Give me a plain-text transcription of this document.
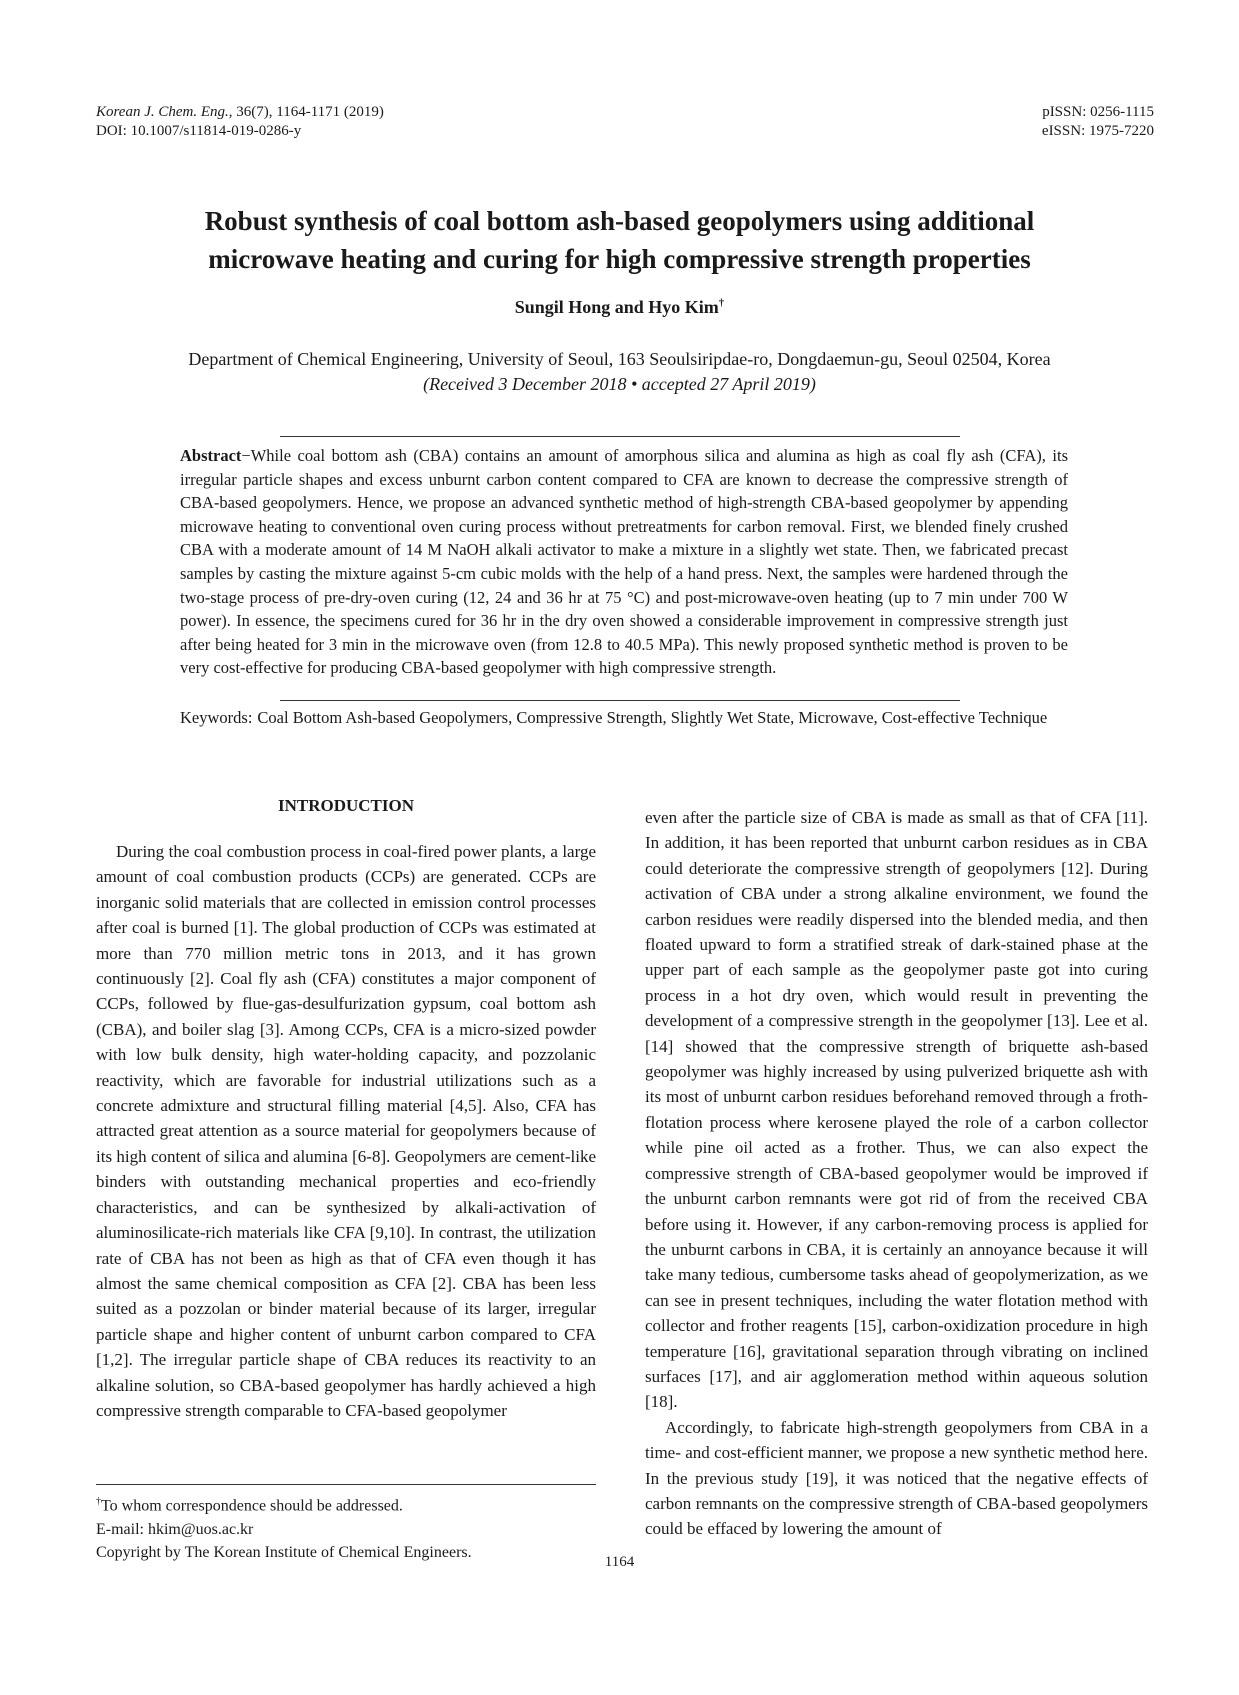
Korean J. Chem. Eng., 36(7), 1164-1171 (2019)
DOI: 10.1007/s11814-019-0286-y
pISSN: 0256-1115
eISSN: 1975-7220
Robust synthesis of coal bottom ash-based geopolymers using additional
microwave heating and curing for high compressive strength properties
Sungil Hong and Hyo Kim†
Department of Chemical Engineering, University of Seoul, 163 Seoulsiripdae-ro, Dongdaemun-gu, Seoul 02504, Korea
(Received 3 December 2018 • accepted 27 April 2019)
Abstract−While coal bottom ash (CBA) contains an amount of amorphous silica and alumina as high as coal fly ash (CFA), its irregular particle shapes and excess unburnt carbon content compared to CFA are known to decrease the compressive strength of CBA-based geopolymers. Hence, we propose an advanced synthetic method of high-strength CBA-based geopolymer by appending microwave heating to conventional oven curing process without pretreatments for carbon removal. First, we blended finely crushed CBA with a moderate amount of 14 M NaOH alkali activator to make a mixture in a slightly wet state. Then, we fabricated precast samples by casting the mixture against 5-cm cubic molds with the help of a hand press. Next, the samples were hardened through the two-stage process of pre-dry-oven curing (12, 24 and 36 hr at 75 °C) and post-microwave-oven heating (up to 7 min under 700 W power). In essence, the specimens cured for 36 hr in the dry oven showed a considerable improvement in compressive strength just after being heated for 3 min in the microwave oven (from 12.8 to 40.5 MPa). This newly proposed synthetic method is proven to be very cost-effective for producing CBA-based geopolymer with high compressive strength.
Keywords: Coal Bottom Ash-based Geopolymers, Compressive Strength, Slightly Wet State, Microwave, Cost-effective Technique
INTRODUCTION

During the coal combustion process in coal-fired power plants, a large amount of coal combustion products (CCPs) are generated. CCPs are inorganic solid materials that are collected in emission control processes after coal is burned [1]. The global production of CCPs was estimated at more than 770 million metric tons in 2013, and it has grown continuously [2]. Coal fly ash (CFA) constitutes a major component of CCPs, followed by flue-gas-desulfurization gypsum, coal bottom ash (CBA), and boiler slag [3]. Among CCPs, CFA is a micro-sized powder with low bulk density, high water-holding capacity, and pozzolanic reactivity, which are favorable for industrial utilizations such as a concrete admixture and structural filling material [4,5]. Also, CFA has attracted great attention as a source material for geopolymers because of its high content of silica and alumina [6-8]. Geopolymers are cement-like binders with outstanding mechanical properties and eco-friendly characteristics, and can be synthesized by alkali-activation of aluminosilicate-rich materials like CFA [9,10]. In contrast, the utilization rate of CBA has not been as high as that of CFA even though it has almost the same chemical composition as CFA [2]. CBA has been less suited as a pozzolan or binder material because of its larger, irregular particle shape and higher content of unburnt carbon compared to CFA [1,2]. The irregular particle shape of CBA reduces its reactivity to an alkaline solution, so CBA-based geopolymer has hardly achieved a high compressive strength comparable to CFA-based geopolymer

even after the particle size of CBA is made as small as that of CFA [11]. In addition, it has been reported that unburnt carbon residues as in CBA could deteriorate the compressive strength of geopolymers [12]. During activation of CBA under a strong alkaline environment, we found the carbon residues were readily dispersed into the blended media, and then floated upward to form a stratified streak of dark-stained phase at the upper part of each sample as the geopolymer paste got into curing process in a hot dry oven, which would result in preventing the development of a compressive strength in the geopolymer [13]. Lee et al. [14] showed that the compressive strength of briquette ash-based geopolymer was highly increased by using pulverized briquette ash with its most of unburnt carbon residues beforehand removed through a froth-flotation process where kerosene played the role of a carbon collector while pine oil acted as a frother. Thus, we can also expect the compressive strength of CBA-based geopolymer would be improved if the unburnt carbon remnants were got rid of from the received CBA before using it. However, if any carbon-removing process is applied for the unburnt carbons in CBA, it is certainly an annoyance because it will take many tedious, cumbersome tasks ahead of geopolymerization, as we can see in present techniques, including the water flotation method with collector and frother reagents [15], carbon-oxidization procedure in high temperature [16], gravitational separation through vibrating on inclined surfaces [17], and air agglomeration method within aqueous solution [18].

Accordingly, to fabricate high-strength geopolymers from CBA in a time- and cost-efficient manner, we propose a new synthetic method here. In the previous study [19], it was noticed that the negative effects of carbon remnants on the compressive strength of CBA-based geopolymers could be effaced by lowering the amount of

†To whom correspondence should be addressed.
E-mail: hkim@uos.ac.kr
Copyright by The Korean Institute of Chemical Engineers.
1164
